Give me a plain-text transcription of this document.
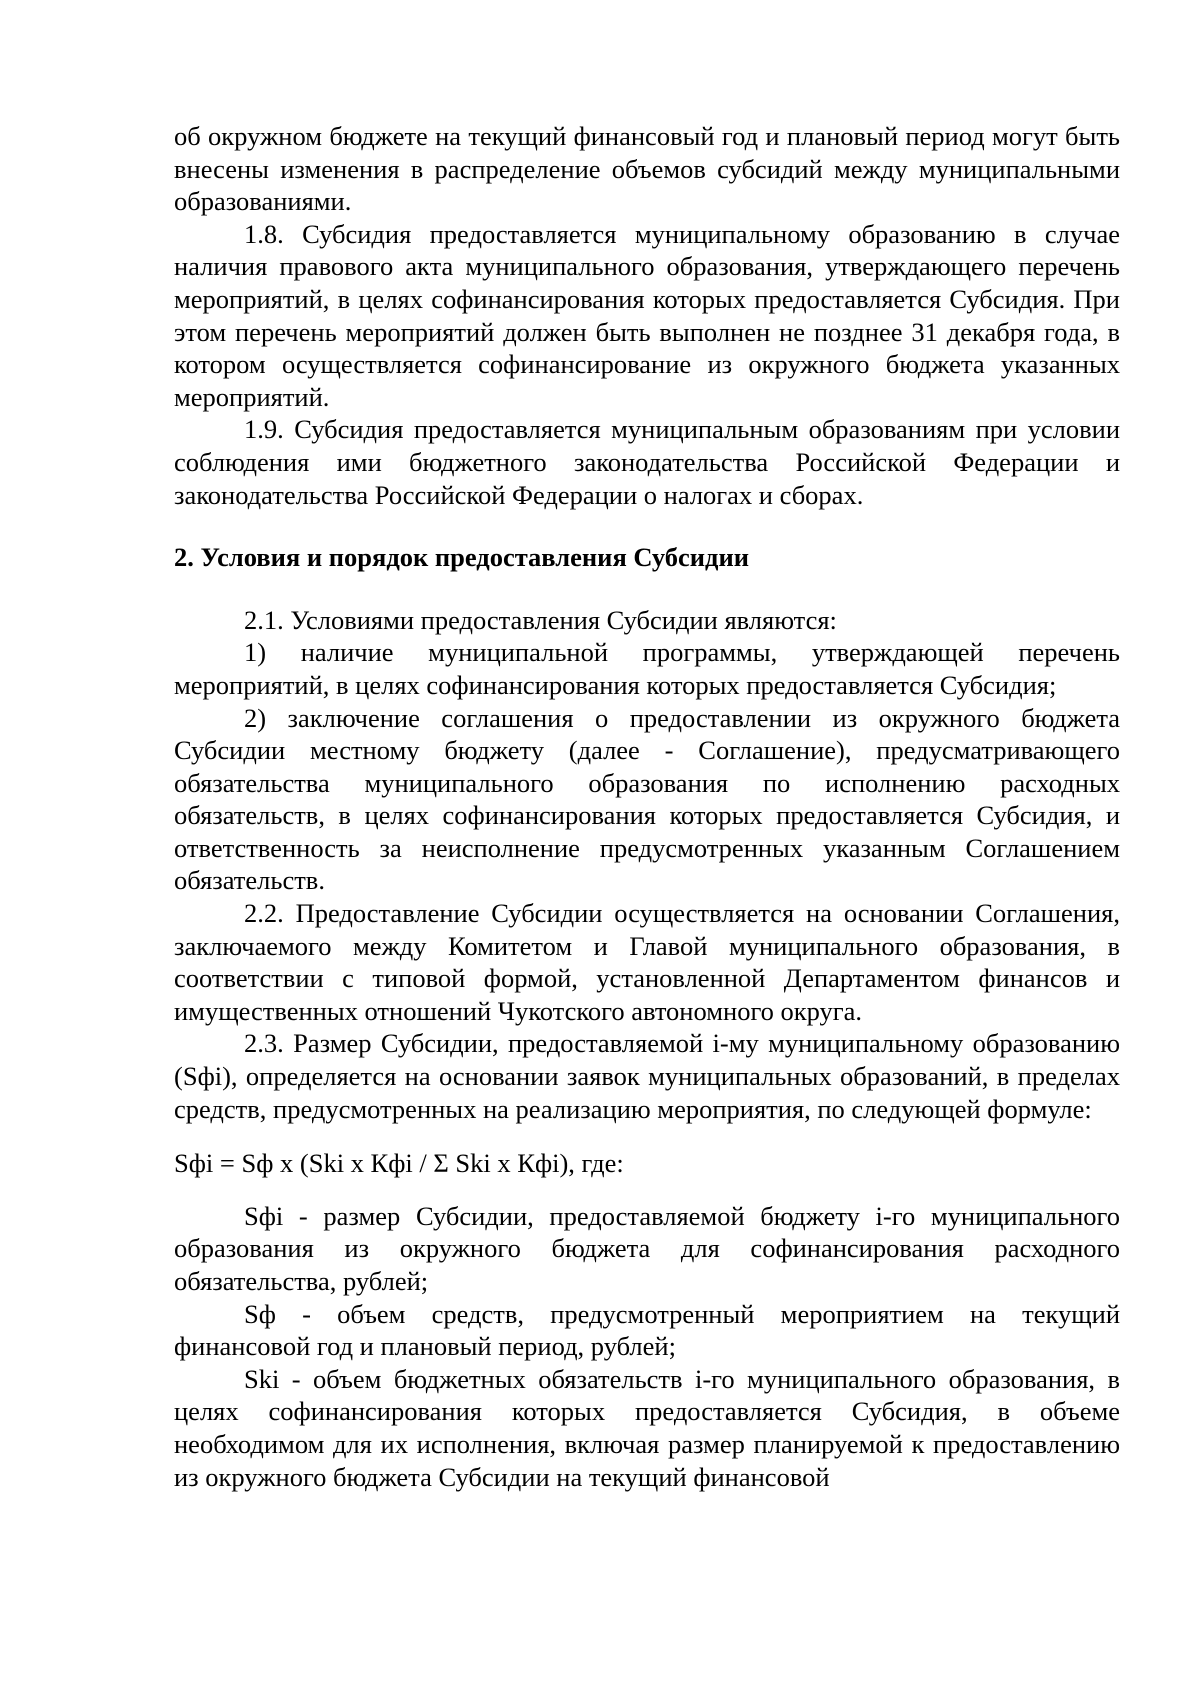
об окружном бюджете на текущий финансовый год и плановый период могут быть внесены изменения в распределение объемов субсидий между муниципальными образованиями.

1.8. Субсидия предоставляется муниципальному образованию в случае наличия правового акта муниципального образования, утверждающего перечень мероприятий, в целях софинансирования которых предоставляется Субсидия. При этом перечень мероприятий должен быть выполнен не позднее 31 декабря года, в котором осуществляется софинансирование из окружного бюджета указанных мероприятий.

1.9. Субсидия предоставляется муниципальным образованиям при условии соблюдения ими бюджетного законодательства Российской Федерации и законодательства Российской Федерации о налогах и сборах.

2. Условия и порядок предоставления Субсидии

2.1. Условиями предоставления Субсидии являются:

1) наличие муниципальной программы, утверждающей перечень мероприятий, в целях софинансирования которых предоставляется Субсидия;

2) заключение соглашения о предоставлении из окружного бюджета Субсидии местному бюджету (далее - Соглашение), предусматривающего обязательства муниципального образования по исполнению расходных обязательств, в целях софинансирования которых предоставляется Субсидия, и ответственность за неисполнение предусмотренных указанным Соглашением обязательств.

2.2. Предоставление Субсидии осуществляется на основании Соглашения, заключаемого между Комитетом и Главой муниципального образования, в соответствии с типовой формой, установленной Департаментом финансов и имущественных отношений Чукотского автономного округа.

2.3. Размер Субсидии, предоставляемой i-му муниципальному образованию (Sфi), определяется на основании заявок муниципальных образований, в пределах средств, предусмотренных на реализацию мероприятия, по следующей формуле:

Sфi = Sф x (Ski x Кфi / Σ Ski x Кфi), где:

Sфi - размер Субсидии, предоставляемой бюджету i-го муниципального образования из окружного бюджета для софинансирования расходного обязательства, рублей;

Sф - объем средств, предусмотренный мероприятием на текущий финансовой год и плановый период, рублей;

Ski - объем бюджетных обязательств i-го муниципального образования, в целях софинансирования которых предоставляется Субсидия, в объеме необходимом для их исполнения, включая размер планируемой к предоставлению из окружного бюджета Субсидии на текущий финансовой
